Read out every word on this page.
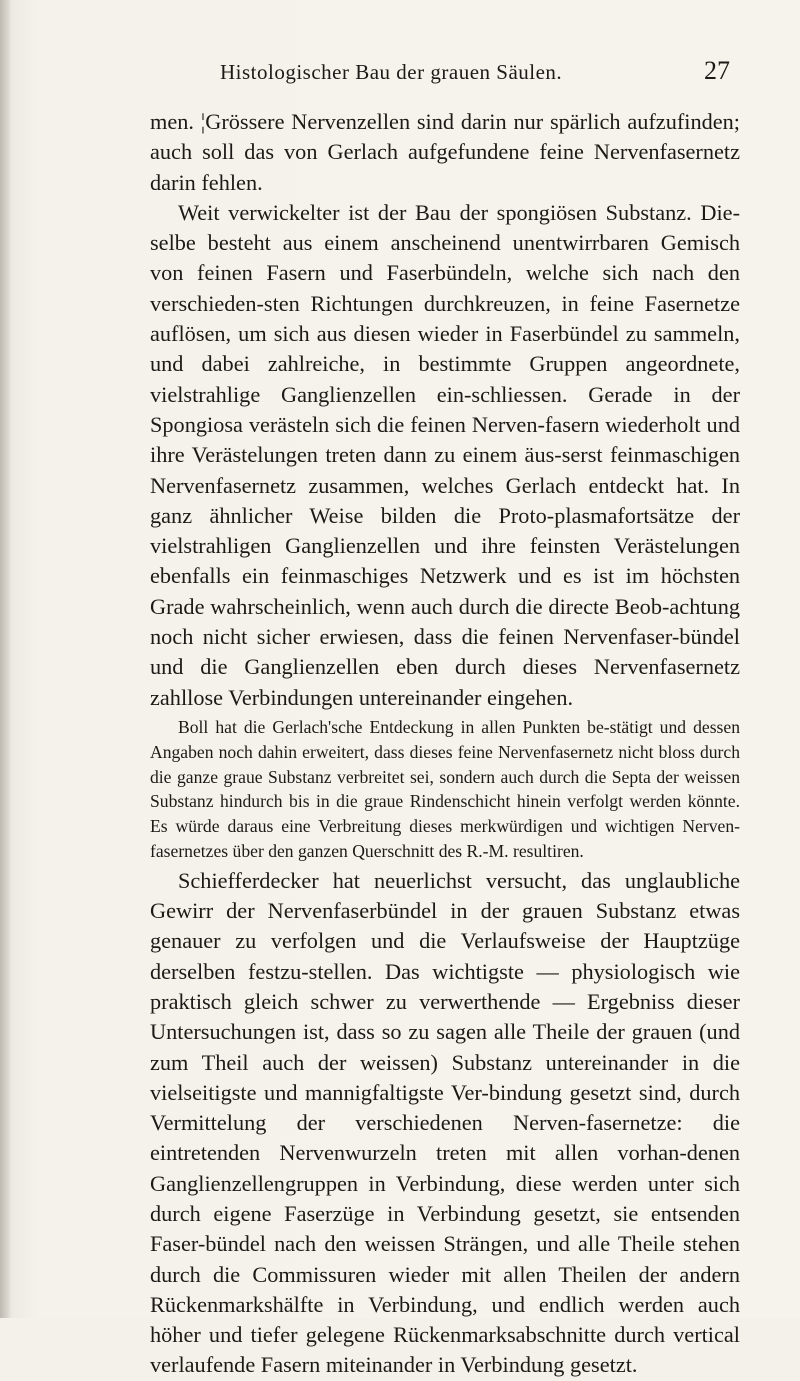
Histologischer Bau der grauen Säulen.	27

men. ¦Grössere Nervenzellen sind darin nur spärlich aufzufinden; auch soll das von Gerlach aufgefundene feine Nervenfasernetz darin fehlen.

Weit verwickelter ist der Bau der spongiösen Substanz. Die-selbe besteht aus einem anscheinend unentwirrbaren Gemisch von feinen Fasern und Faserbündeln, welche sich nach den verschieden-sten Richtungen durchkreuzen, in feine Fasernetze auflösen, um sich aus diesen wieder in Faserbündel zu sammeln, und dabei zahlreiche, in bestimmte Gruppen angeordnete, vielstrahlige Ganglienzellen ein-schliessen. Gerade in der Spongiosa verästeln sich die feinen Nerven-fasern wiederholt und ihre Verästelungen treten dann zu einem äus-serst feinmaschigen Nervenfasernetz zusammen, welches Gerlach entdeckt hat. In ganz ähnlicher Weise bilden die Proto-plasmafortsätze der vielstrahligen Ganglienzellen und ihre feinsten Verästelungen ebenfalls ein feinmaschiges Netzwerk und es ist im höchsten Grade wahrscheinlich, wenn auch durch die directe Beob-achtung noch nicht sicher erwiesen, dass die feinen Nervenfaser-bündel und die Ganglienzellen eben durch dieses Nervenfasernetz zahllose Verbindungen untereinander eingehen.

Boll hat die Gerlach'sche Entdeckung in allen Punkten be-stätigt und dessen Angaben noch dahin erweitert, dass dieses feine Nervenfasernetz nicht bloss durch die ganze graue Substanz verbreitet sei, sondern auch durch die Septa der weissen Substanz hindurch bis in die graue Rindenschicht hinein verfolgt werden könnte. Es würde daraus eine Verbreitung dieses merkwürdigen und wichtigen Nerven-fasernetzes über den ganzen Querschnitt des R.-M. resultiren.

Schiefferdecker hat neuerlichst versucht, das unglaubliche Gewirr der Nervenfaserbündel in der grauen Substanz etwas genauer zu verfolgen und die Verlaufsweise der Hauptzüge derselben festzu-stellen. Das wichtigste — physiologisch wie praktisch gleich schwer zu verwerthende — Ergebniss dieser Untersuchungen ist, dass so zu sagen alle Theile der grauen (und zum Theil auch der weissen) Substanz untereinander in die vielseitigste und mannigfaltigste Ver-bindung gesetzt sind, durch Vermittelung der verschiedenen Nerven-fasernetze: die eintretenden Nervenwurzeln treten mit allen vorhan-denen Ganglienzellengruppen in Verbindung, diese werden unter sich durch eigene Faserzüge in Verbindung gesetzt, sie entsenden Faser-bündel nach den weissen Strängen, und alle Theile stehen durch die Commissuren wieder mit allen Theilen der andern Rückenmarkshälfte in Verbindung, und endlich werden auch höher und tiefer gelegene Rückenmarksabschnitte durch vertical verlaufende Fasern miteinander in Verbindung gesetzt.
